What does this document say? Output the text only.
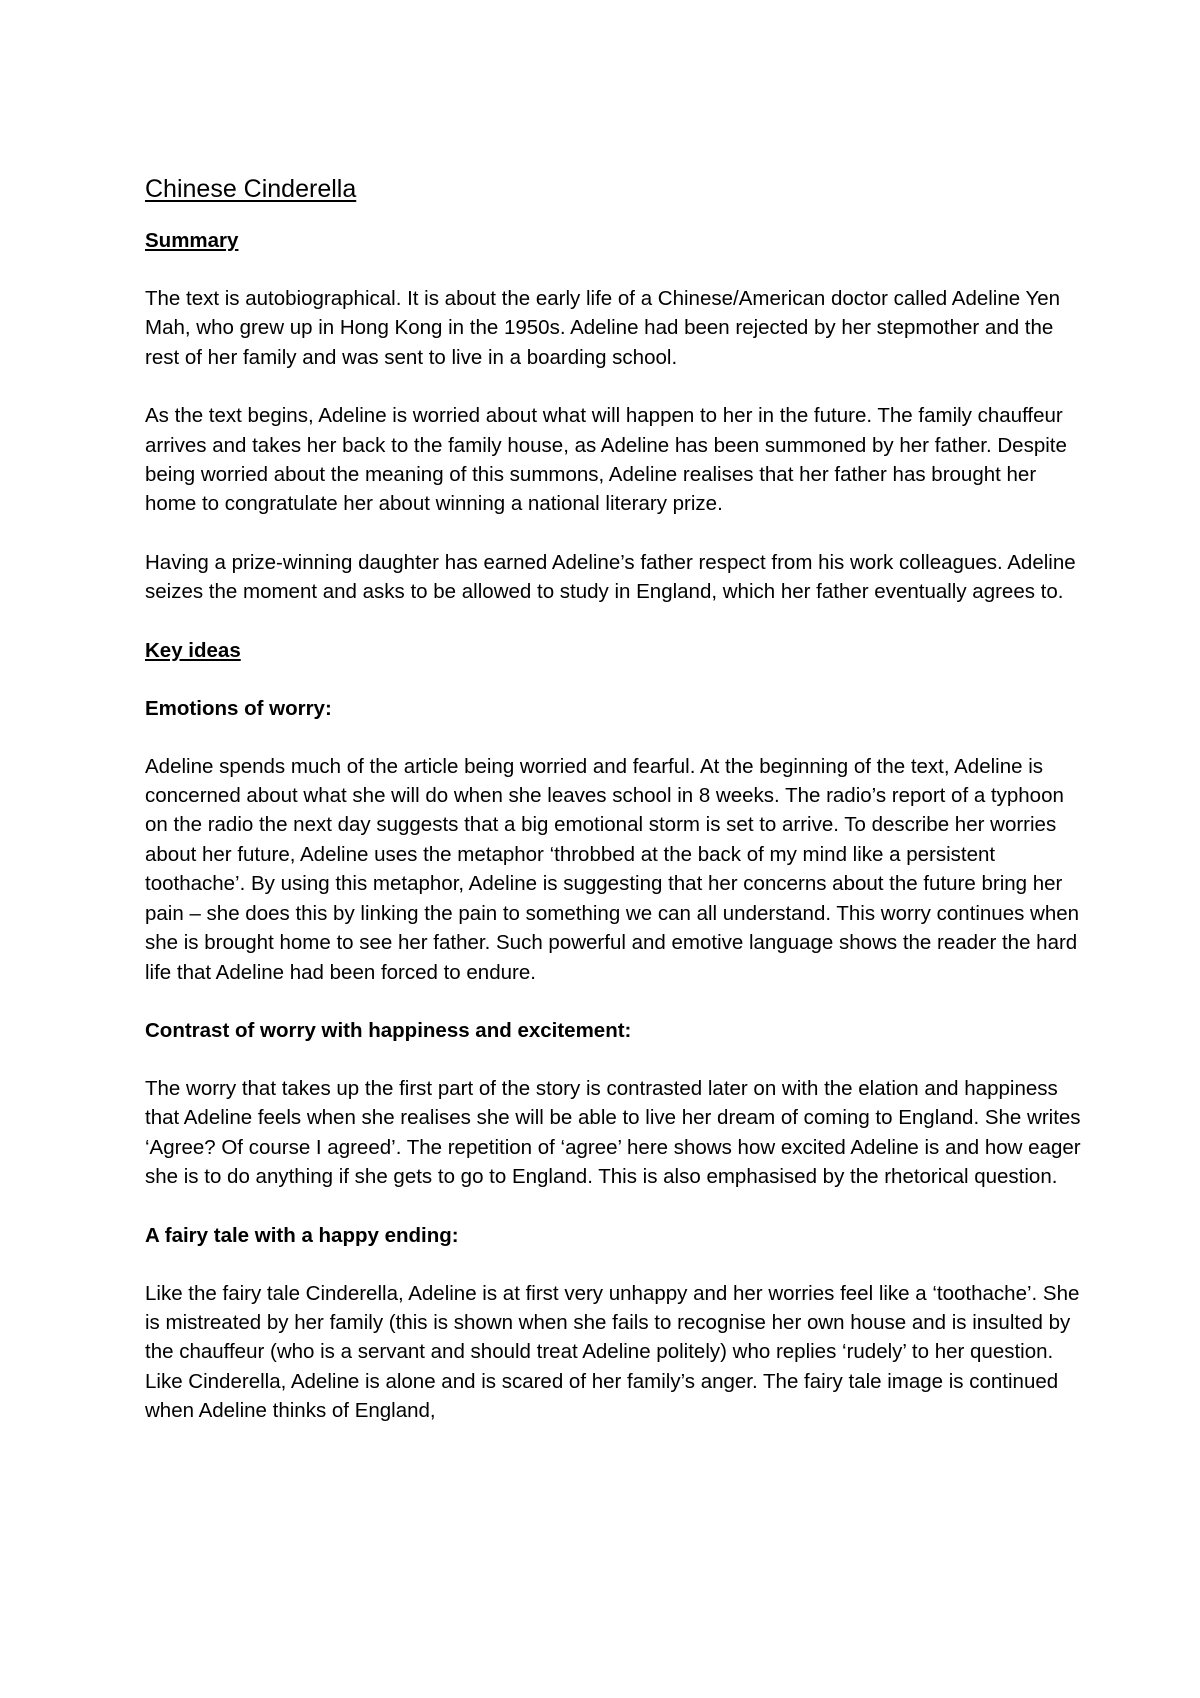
Chinese Cinderella
Summary

The text is autobiographical. It is about the early life of a Chinese/American doctor called Adeline Yen Mah, who grew up in Hong Kong in the 1950s. Adeline had been rejected by her stepmother and the rest of her family and was sent to live in a boarding school.

As the text begins, Adeline is worried about what will happen to her in the future. The family chauffeur arrives and takes her back to the family house, as Adeline has been summoned by her father. Despite being worried about the meaning of this summons, Adeline realises that her father has brought her home to congratulate her about winning a national literary prize.

Having a prize-winning daughter has earned Adeline’s father respect from his work colleagues. Adeline seizes the moment and asks to be allowed to study in England, which her father eventually agrees to.

Key ideas
Emotions of worry:

Adeline spends much of the article being worried and fearful. At the beginning of the text, Adeline is concerned about what she will do when she leaves school in 8 weeks. The radio’s report of a typhoon on the radio the next day suggests that a big emotional storm is set to arrive. To describe her worries about her future, Adeline uses the metaphor ‘throbbed at the back of my mind like a persistent toothache’. By using this metaphor, Adeline is suggesting that her concerns about the future bring her pain – she does this by linking the pain to something we can all understand. This worry continues when she is brought home to see her father. Such powerful and emotive language shows the reader the hard life that Adeline had been forced to endure.

Contrast of worry with happiness and excitement:

The worry that takes up the first part of the story is contrasted later on with the elation and happiness that Adeline feels when she realises she will be able to live her dream of coming to England. She writes ‘Agree? Of course I agreed’. The repetition of ‘agree’ here shows how excited Adeline is and how eager she is to do anything if she gets to go to England. This is also emphasised by the rhetorical question.

A fairy tale with a happy ending:

Like the fairy tale Cinderella, Adeline is at first very unhappy and her worries feel like a ‘toothache’. She is mistreated by her family (this is shown when she fails to recognise her own house and is insulted by the chauffeur (who is a servant and should treat Adeline politely) who replies ‘rudely’ to her question. Like Cinderella, Adeline is alone and is scared of her family’s anger. The fairy tale image is continued when Adeline thinks of England,
